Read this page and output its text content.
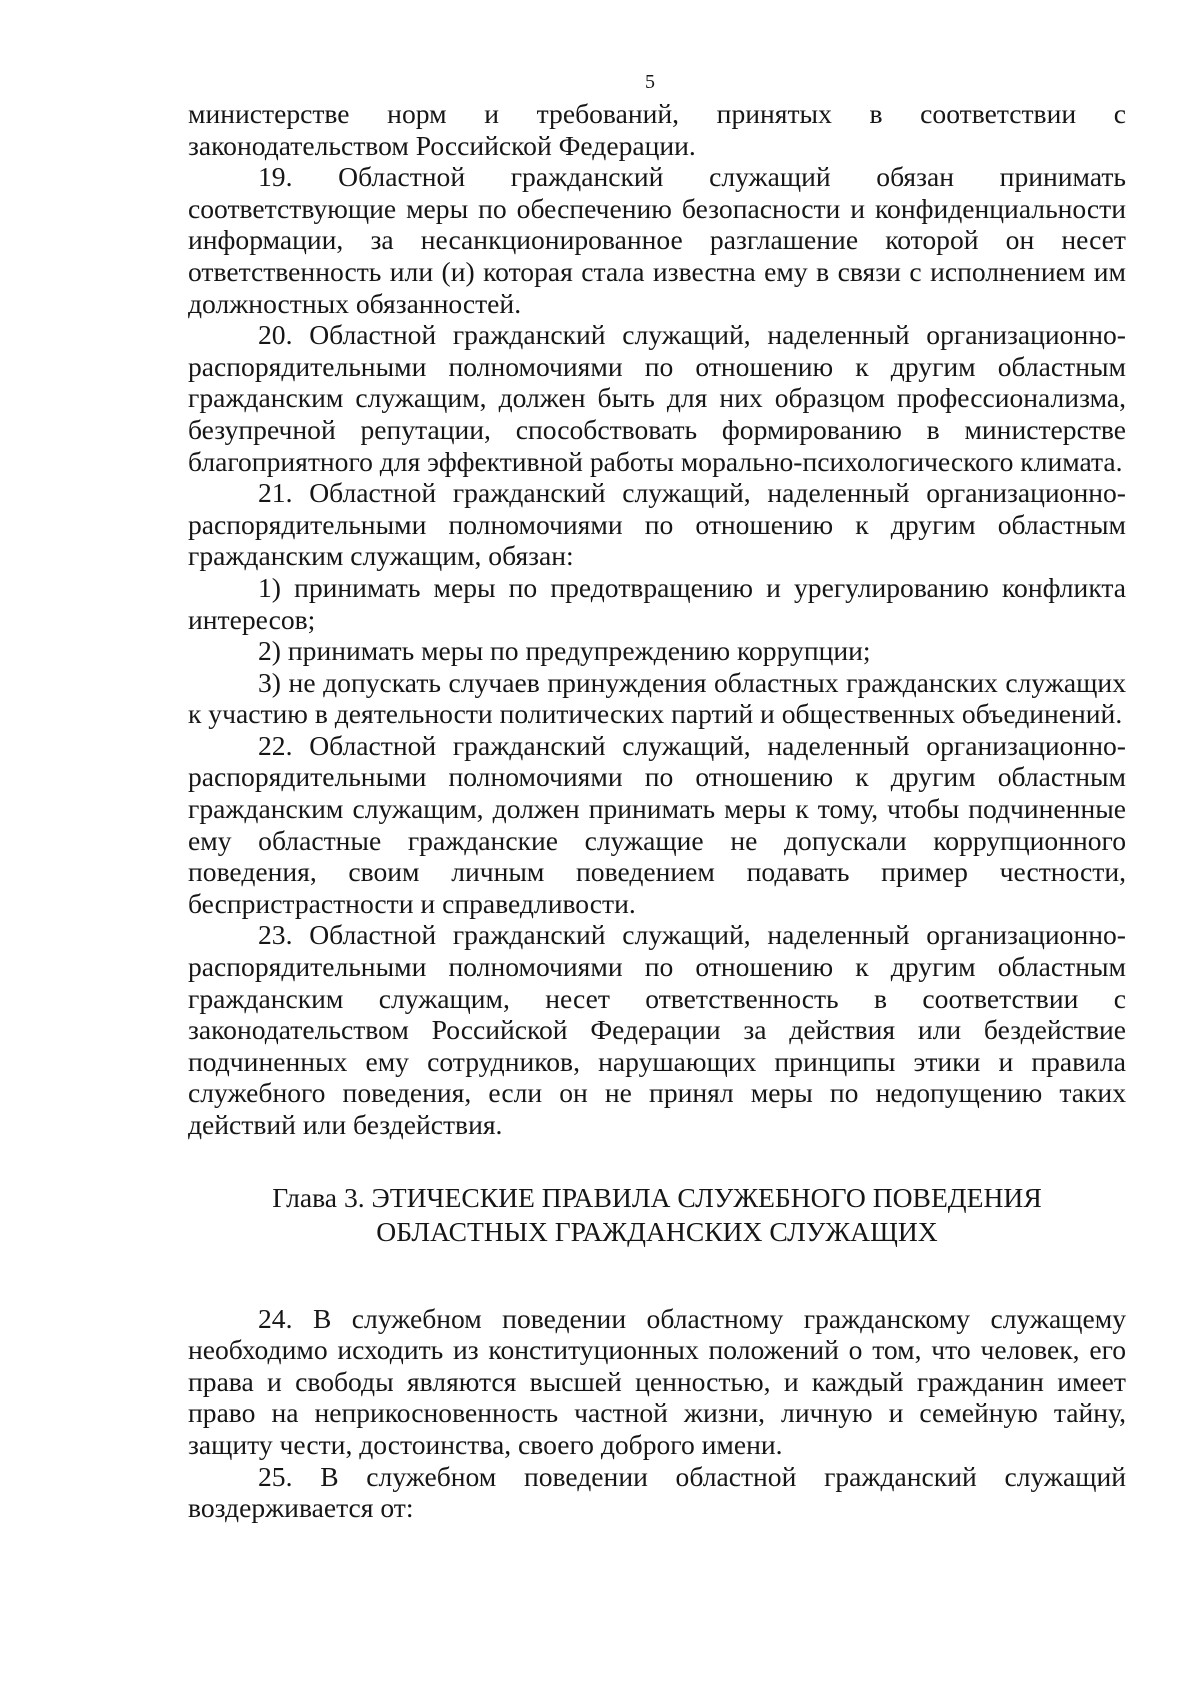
5

министерстве норм и требований, принятых в соответствии с законодательством Российской Федерации.

19. Областной гражданский служащий обязан принимать соответствующие меры по обеспечению безопасности и конфиденциальности информации, за несанкционированное разглашение которой он несет ответственность или (и) которая стала известна ему в связи с исполнением им должностных обязанностей.

20. Областной гражданский служащий, наделенный организационно-распорядительными полномочиями по отношению к другим областным гражданским служащим, должен быть для них образцом профессионализма, безупречной репутации, способствовать формированию в министерстве благоприятного для эффективной работы морально-психологического климата.

21. Областной гражданский служащий, наделенный организационно-распорядительными полномочиями по отношению к другим областным гражданским служащим, обязан:

1) принимать меры по предотвращению и урегулированию конфликта интересов;

2) принимать меры по предупреждению коррупции;

3) не допускать случаев принуждения областных гражданских служащих к участию в деятельности политических партий и общественных объединений.

22. Областной гражданский служащий, наделенный организационно-распорядительными полномочиями по отношению к другим областным гражданским служащим, должен принимать меры к тому, чтобы подчиненные ему областные гражданские служащие не допускали коррупционного поведения, своим личным поведением подавать пример честности, беспристрастности и справедливости.

23. Областной гражданский служащий, наделенный организационно-распорядительными полномочиями по отношению к другим областным гражданским служащим, несет ответственность в соответствии с законодательством Российской Федерации за действия или бездействие подчиненных ему сотрудников, нарушающих принципы этики и правила служебного поведения, если он не принял меры по недопущению таких действий или бездействия.

Глава 3. ЭТИЧЕСКИЕ ПРАВИЛА СЛУЖЕБНОГО ПОВЕДЕНИЯ
ОБЛАСТНЫХ ГРАЖДАНСКИХ СЛУЖАЩИХ

24. В служебном поведении областному гражданскому служащему необходимо исходить из конституционных положений о том, что человек, его права и свободы являются высшей ценностью, и каждый гражданин имеет право на неприкосновенность частной жизни, личную и семейную тайну, защиту чести, достоинства, своего доброго имени.

25. В служебном поведении областной гражданский служащий воздерживается от:
